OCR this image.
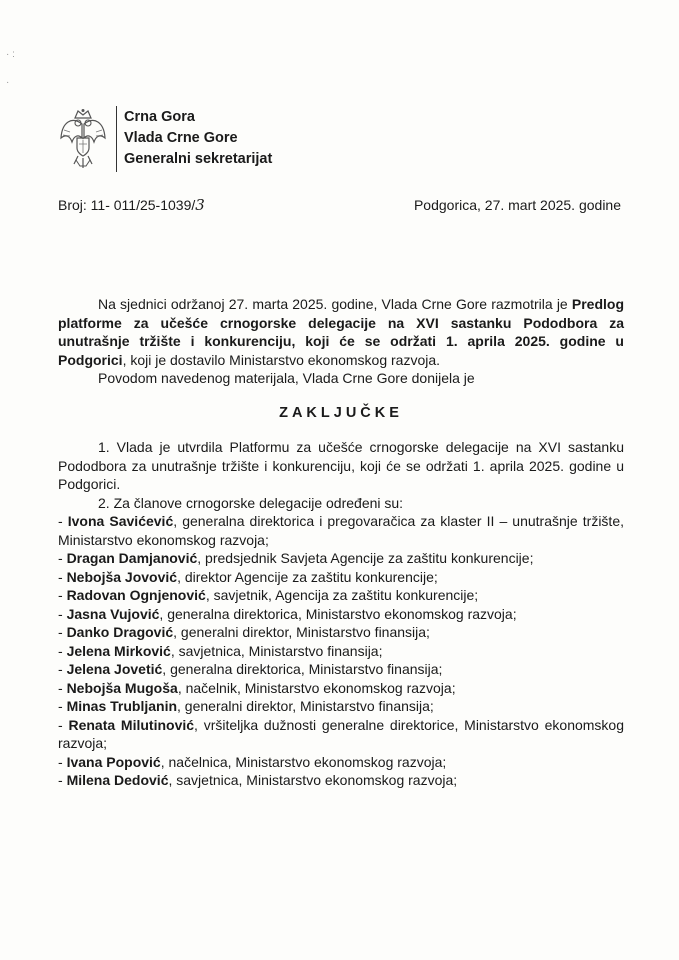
· :

·
Crna Gora
Vlada Crne Gore
Generalni sekretarijat
Broj: 11- 011/25-1039/3	Podgorica, 27. mart 2025. godine

Na sjednici održanoj 27. marta 2025. godine, Vlada Crne Gore razmotrila je Predlog platforme za učešće crnogorske delegacije na XVI sastanku Pododbora za unutrašnje tržište i konkurenciju, koji će se održati 1. aprila 2025. godine u Podgorici, koji je dostavilo Ministarstvo ekonomskog razvoja.

Povodom navedenog materijala, Vlada Crne Gore donijela je

ZAKLJUČKE

1. Vlada je utvrdila Platformu za učešće crnogorske delegacije na XVI sastanku Pododbora za unutrašnje tržište i konkurenciju, koji će se održati 1. aprila 2025. godine u Podgorici.

2. Za članove crnogorske delegacije određeni su:

- Ivona Savićević, generalna direktorica i pregovaračica za klaster II – unutrašnje tržište, Ministarstvo ekonomskog razvoja;

- Dragan Damjanović, predsjednik Savjeta Agencije za zaštitu konkurencije;

- Nebojša Jovović, direktor Agencije za zaštitu konkurencije;

- Radovan Ognjenović, savjetnik, Agencija za zaštitu konkurencije;

- Jasna Vujović, generalna direktorica, Ministarstvo ekonomskog razvoja;

- Danko Dragović, generalni direktor, Ministarstvo finansija;

- Jelena Mirković, savjetnica, Ministarstvo finansija;

- Jelena Jovetić, generalna direktorica, Ministarstvo finansija;

- Nebojša Mugoša, načelnik, Ministarstvo ekonomskog razvoja;

- Minas Trubljanin, generalni direktor, Ministarstvo finansija;

- Renata Milutinović, vršiteljka dužnosti generalne direktorice, Ministarstvo ekonomskog razvoja;

- Ivana Popović, načelnica, Ministarstvo ekonomskog razvoja;

- Milena Dedović, savjetnica, Ministarstvo ekonomskog razvoja;
